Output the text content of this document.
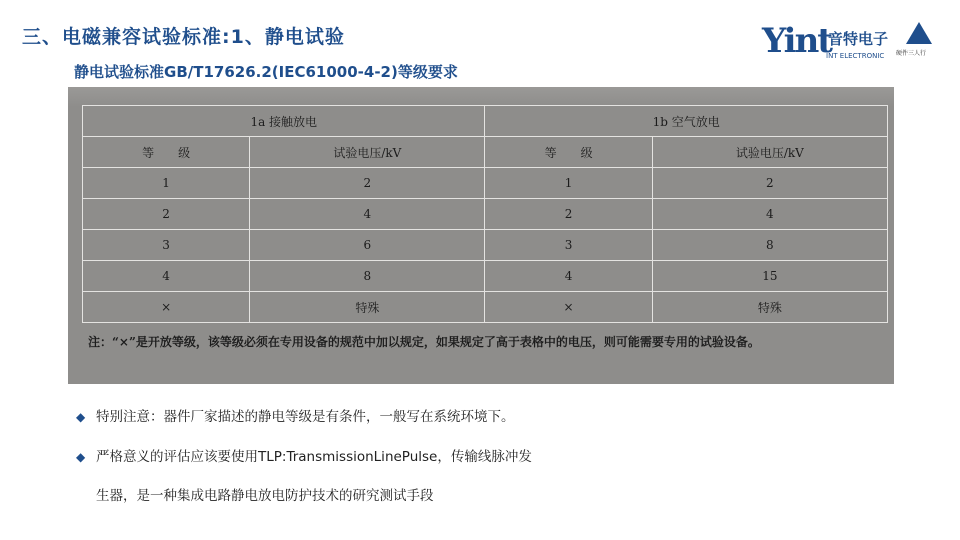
三、电磁兼容试验标准:1、静电试验
静电试验标准GB/T17626.2(IEC61000-4-2)等级要求
Yint
音特电子
INT ELECTRONIC 硬件三人行
1a 接触放电		1b 空气放电	
等　　级	试验电压/kV	等　　级	试验电压/kV
1	2	1	2
2	4	2	4
3	6	3	8
4	8	4	15
×	特殊	×	特殊
注：“×”是开放等级，该等级必须在专用设备的规范中加以规定，如果规定了高于表格中的电压，则可能需要专用的试验设备。
◆ 特别注意：器件厂家描述的静电等级是有条件，一般写在系统环境下。
◆ 严格意义的评估应该要使用TLP:TransmissionLinePulse，传输线脉冲发
生器，是一种集成电路静电放电防护技术的研究测试手段
